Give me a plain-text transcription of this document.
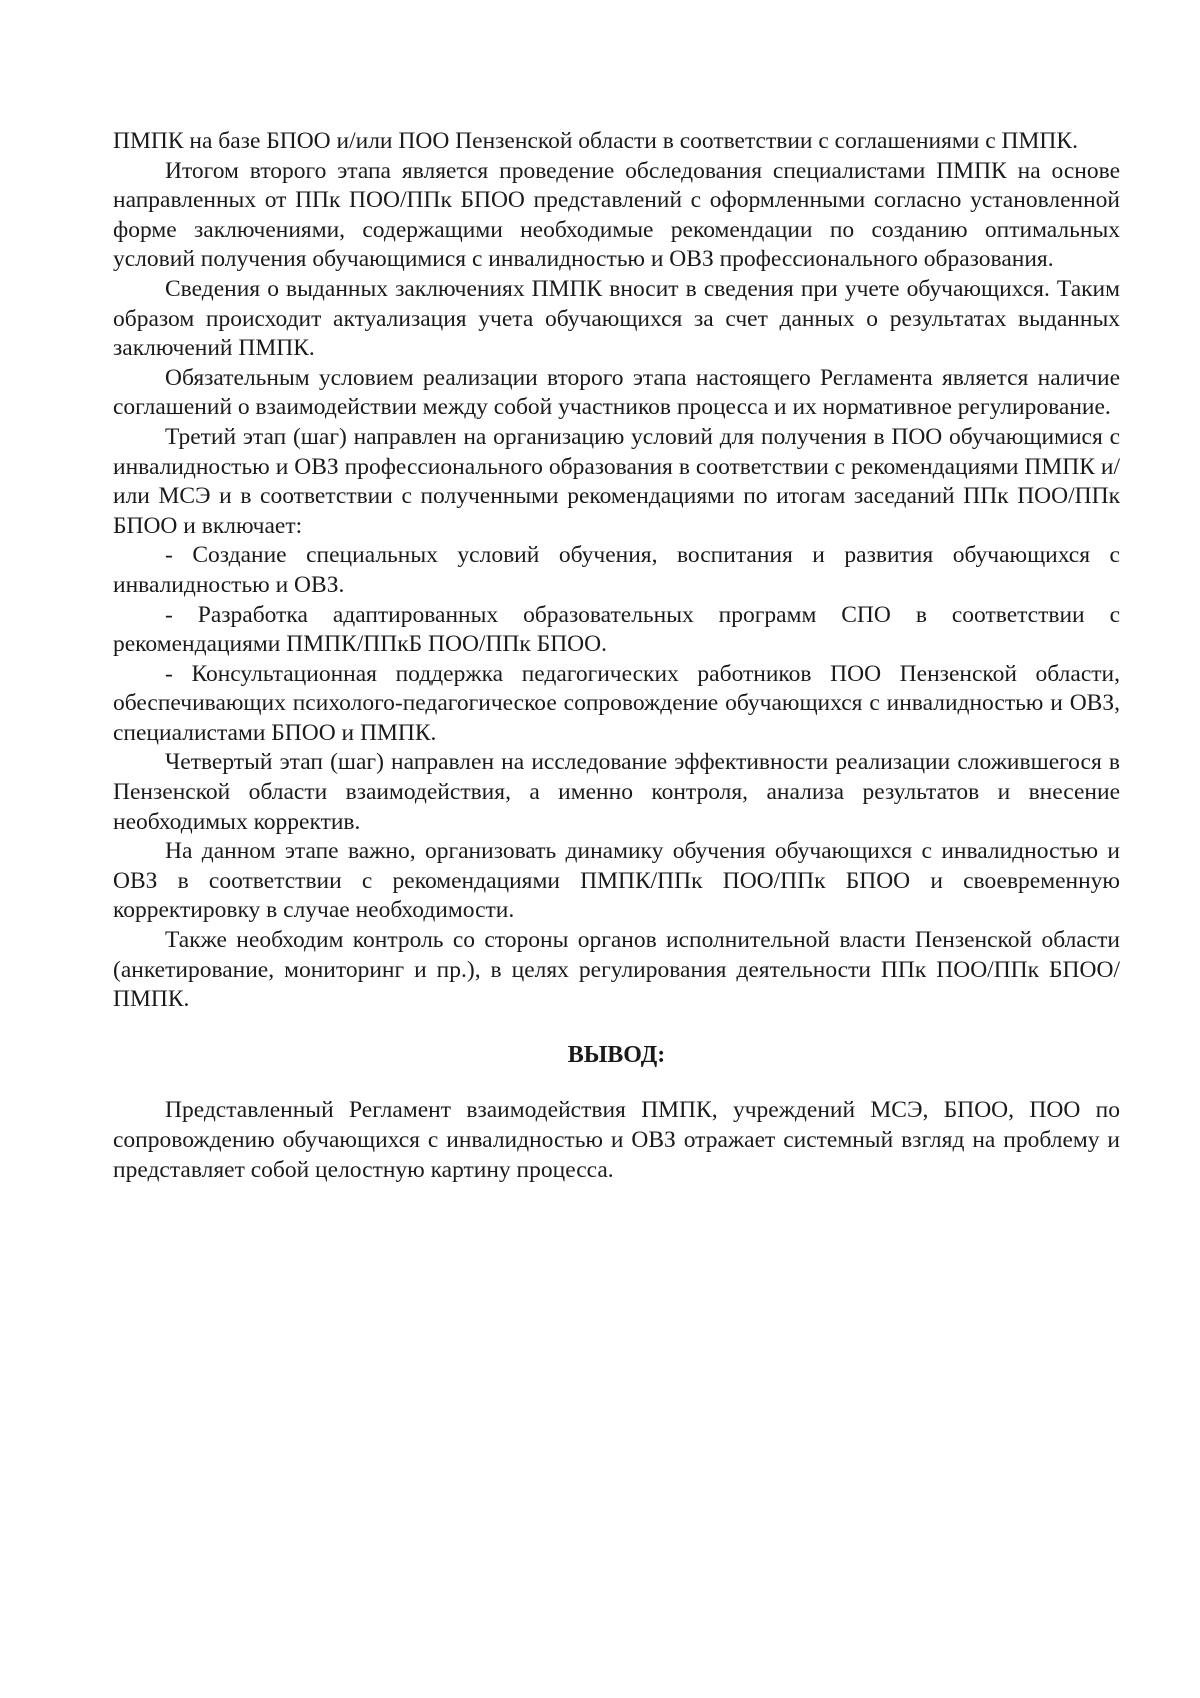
ПМПК на базе БПОО и/или ПОО Пензенской области в соответствии с соглашениями с ПМПК.

Итогом второго этапа является проведение обследования специалистами ПМПК на основе направленных от ППк ПОО/ППк БПОО представлений с оформленными согласно установленной форме заключениями, содержащими необходимые рекомендации по созданию оптимальных условий получения обучающимися с инвалидностью и ОВЗ профессионального образования.

Сведения о выданных заключениях ПМПК вносит в сведения при учете обучающихся. Таким образом происходит актуализация учета обучающихся за счет данных о результатах выданных заключений ПМПК.

Обязательным условием реализации второго этапа настоящего Регламента является наличие соглашений о взаимодействии между собой участников процесса и их нормативное регулирование.

Третий этап (шаг) направлен на организацию условий для получения в ПОО обучающимися с инвалидностью и ОВЗ профессионального образования в соответствии с рекомендациями ПМПК и/или МСЭ и в соответствии с полученными рекомендациями по итогам заседаний ППк ПОО/ППк БПОО и включает:

- Создание специальных условий обучения, воспитания и развития обучающихся с инвалидностью и ОВЗ.

- Разработка адаптированных образовательных программ СПО в соответствии с рекомендациями ПМПК/ППкБ ПОО/ППк БПОО.

- Консультационная поддержка педагогических работников ПОО Пензенской области, обеспечивающих психолого-педагогическое сопровождение обучающихся с инвалидностью и ОВЗ, специалистами БПОО и ПМПК.

Четвертый этап (шаг) направлен на исследование эффективности реализации сложившегося в Пензенской области взаимодействия, а именно контроля, анализа результатов и внесение необходимых корректив.

На данном этапе важно, организовать динамику обучения обучающихся с инвалидностью и ОВЗ в соответствии с рекомендациями ПМПК/ППк ПОО/ППк БПОО и своевременную корректировку в случае необходимости.

Также необходим контроль со стороны органов исполнительной власти Пензенской области (анкетирование, мониторинг и пр.), в целях регулирования деятельности ППк ПОО/ППк БПОО/ПМПК.

ВЫВОД:

Представленный Регламент взаимодействия ПМПК, учреждений МСЭ, БПОО, ПОО по сопровождению обучающихся с инвалидностью и ОВЗ отражает системный взгляд на проблему и представляет собой целостную картину процесса.
